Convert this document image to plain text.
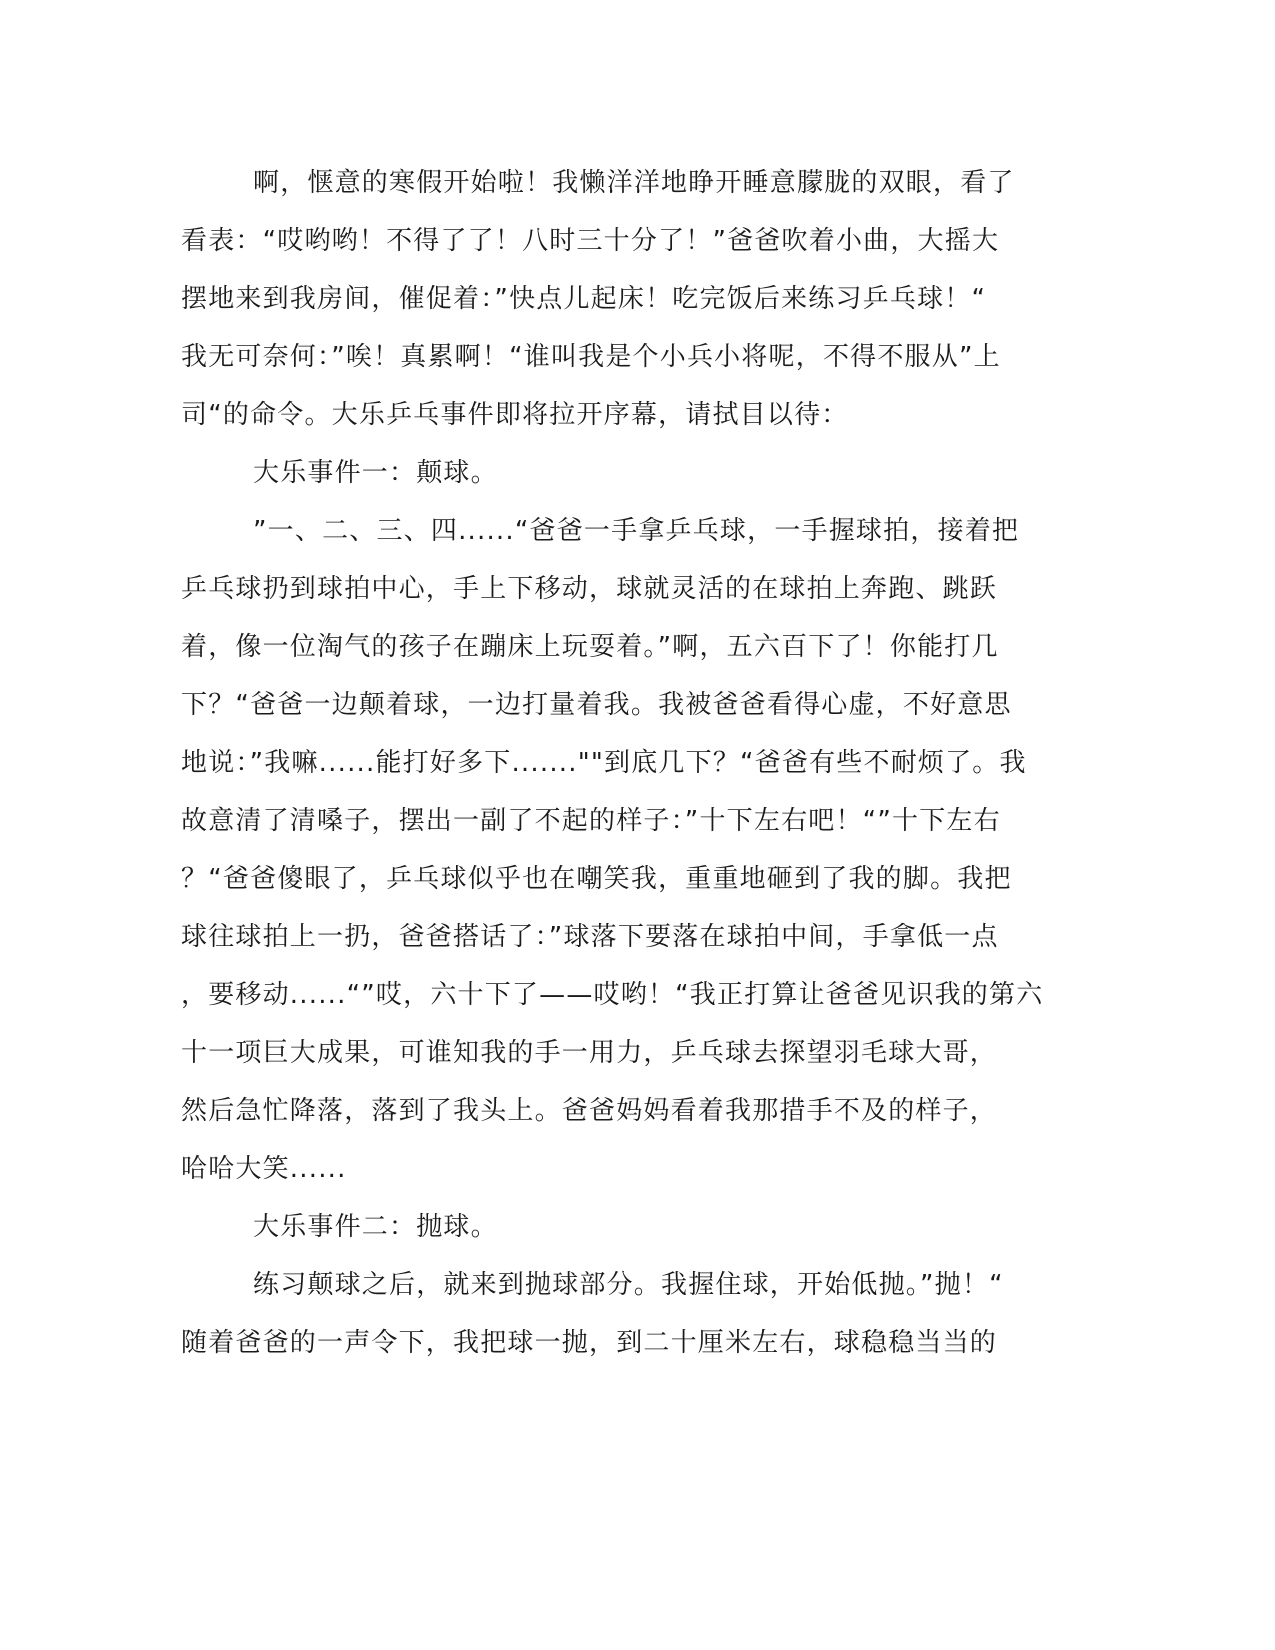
啊，惬意的寒假开始啦！我懒洋洋地睁开睡意朦胧的双眼，看了
看表：“哎哟哟！不得了了！八时三十分了！”爸爸吹着小曲，大摇大
摆地来到我房间，催促着：”快点儿起床！吃完饭后来练习乒乓球！“
我无可奈何：”唉！真累啊！“谁叫我是个小兵小将呢，不得不服从”上
司“的命令。大乐乒乓事件即将拉开序幕，请拭目以待：
大乐事件一：颠球。
”一、二、三、四......“爸爸一手拿乒乓球，一手握球拍，接着把
乒乓球扔到球拍中心，手上下移动，球就灵活的在球拍上奔跑、跳跃
着，像一位淘气的孩子在蹦床上玩耍着。”啊，五六百下了！你能打几
下？“爸爸一边颠着球，一边打量着我。我被爸爸看得心虚，不好意思
地说：”我嘛......能打好多下.......""到底几下？“爸爸有些不耐烦了。我
故意清了清嗓子，摆出一副了不起的样子：”十下左右吧！“”十下左右
？“爸爸傻眼了，乒乓球似乎也在嘲笑我，重重地砸到了我的脚。我把
球往球拍上一扔，爸爸搭话了：”球落下要落在球拍中间，手拿低一点
，要移动......“”哎，六十下了——哎哟！“我正打算让爸爸见识我的第六
十一项巨大成果，可谁知我的手一用力，乒乓球去探望羽毛球大哥，
然后急忙降落，落到了我头上。爸爸妈妈看着我那措手不及的样子，
哈哈大笑......
大乐事件二：抛球。
练习颠球之后，就来到抛球部分。我握住球，开始低抛。”抛！“
随着爸爸的一声令下，我把球一抛，到二十厘米左右，球稳稳当当的
